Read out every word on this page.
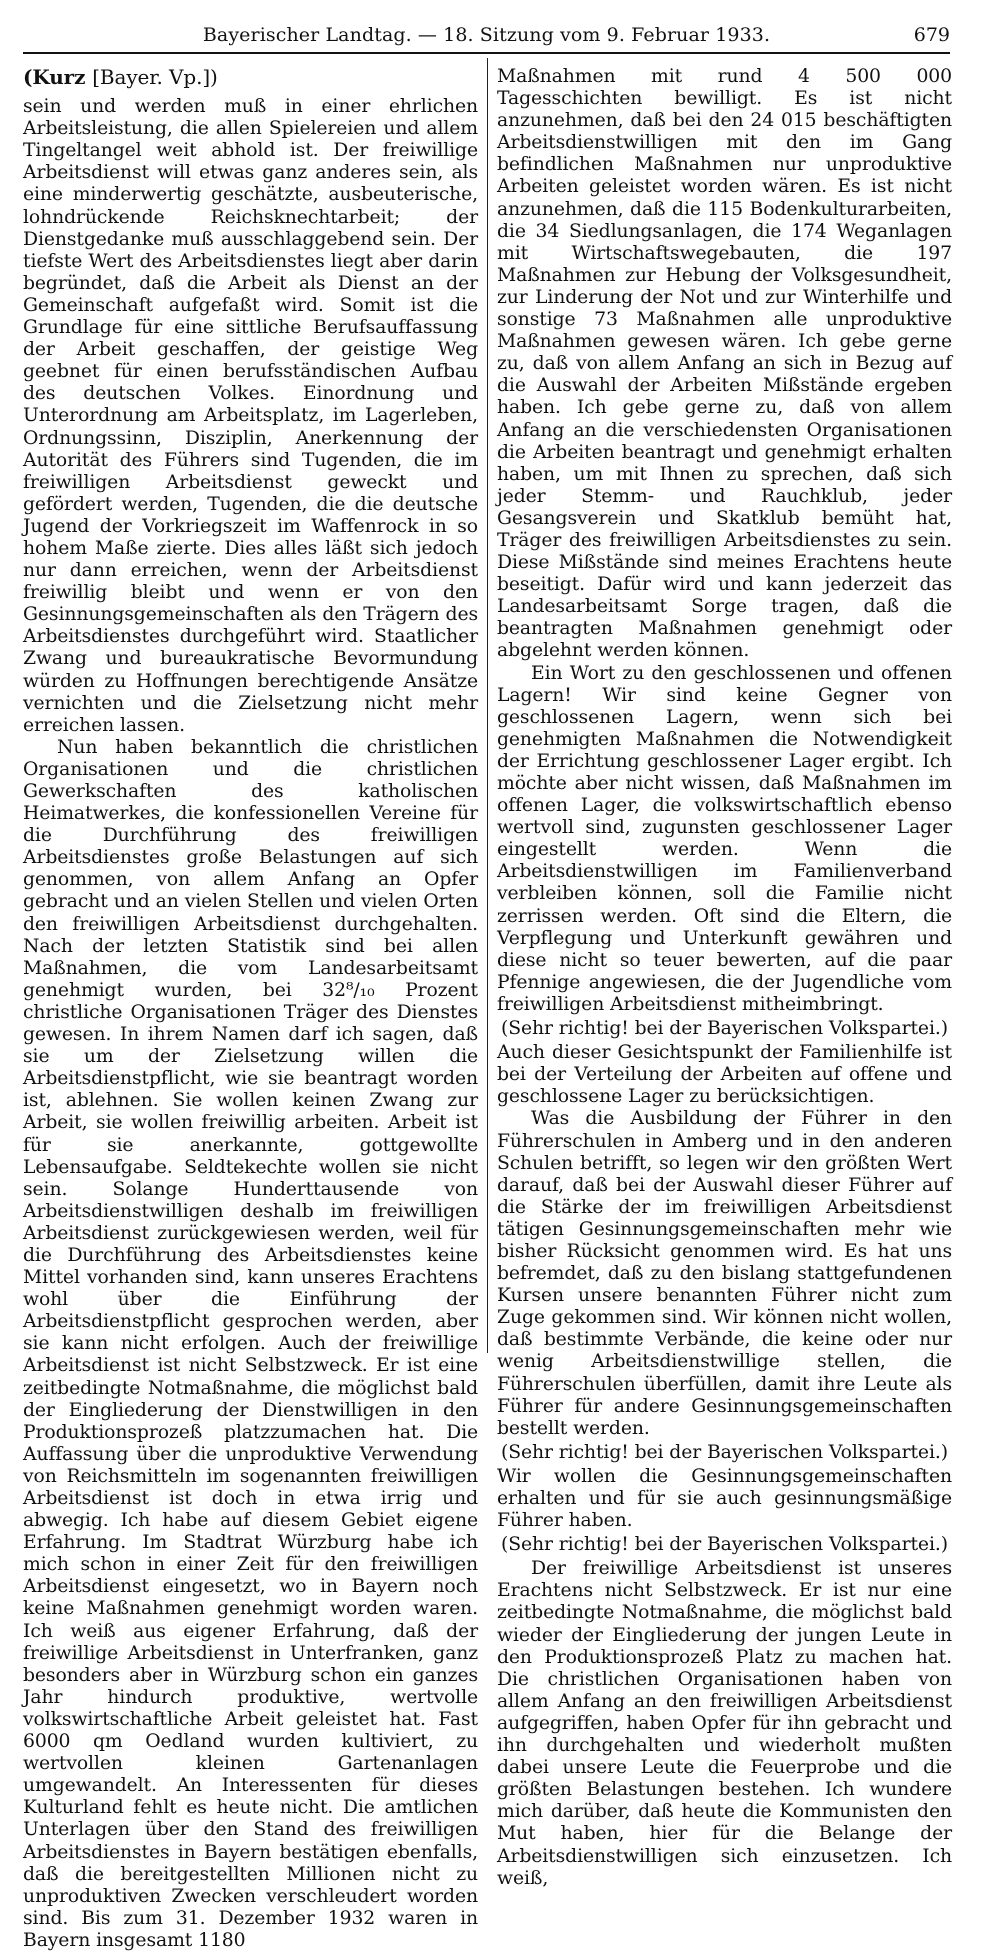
Bayerischer Landtag. — 18. Sitzung vom 9. Februar 1933.	679

(Kurz [Bayer. Vp.])

sein und werden muß in einer ehrlichen Arbeitsleistung, die allen Spielereien und allem Tingeltangel weit abhold ist. Der freiwillige Arbeitsdienst will etwas ganz anderes sein, als eine minderwertig geschätzte, ausbeuterische, lohndrückende Reichsknechtarbeit; der Dienstgedanke muß ausschlaggebend sein. Der tiefste Wert des Arbeitsdienstes liegt aber darin begründet, daß die Arbeit als Dienst an der Gemeinschaft aufgefaßt wird. Somit ist die Grundlage für eine sittliche Berufsauffassung der Arbeit geschaffen, der geistige Weg geebnet für einen berufsständischen Aufbau des deutschen Volkes. Einordnung und Unterordnung am Arbeitsplatz, im Lagerleben, Ordnungssinn, Disziplin, Anerkennung der Autorität des Führers sind Tugenden, die im freiwilligen Arbeitsdienst geweckt und gefördert werden, Tugenden, die die deutsche Jugend der Vorkriegszeit im Waffenrock in so hohem Maße zierte. Dies alles läßt sich jedoch nur dann erreichen, wenn der Arbeitsdienst freiwillig bleibt und wenn er von den Gesinnungsgemeinschaften als den Trägern des Arbeitsdienstes durchgeführt wird. Staatlicher Zwang und bureaukratische Bevormundung würden zu Hoffnungen berechtigende Ansätze vernichten und die Zielsetzung nicht mehr erreichen lassen.

Nun haben bekanntlich die christlichen Organisationen und die christlichen Gewerkschaften des katholischen Heimatwerkes, die konfessionellen Vereine für die Durchführung des freiwilligen Arbeitsdienstes große Belastungen auf sich genommen, von allem Anfang an Opfer gebracht und an vielen Stellen und vielen Orten den freiwilligen Arbeitsdienst durchgehalten. Nach der letzten Statistik sind bei allen Maßnahmen, die vom Landesarbeitsamt genehmigt wurden, bei 32⁸/₁₀ Prozent christliche Organisationen Träger des Dienstes gewesen. In ihrem Namen darf ich sagen, daß sie um der Zielsetzung willen die Arbeitsdienstpflicht, wie sie beantragt worden ist, ablehnen. Sie wollen keinen Zwang zur Arbeit, sie wollen freiwillig arbeiten. Arbeit ist für sie anerkannte, gottgewollte Lebensaufgabe. Seldtekechte wollen sie nicht sein. Solange Hunderttausende von Arbeitsdienstwilligen deshalb im freiwilligen Arbeitsdienst zurückgewiesen werden, weil für die Durchführung des Arbeitsdienstes keine Mittel vorhanden sind, kann unseres Erachtens wohl über die Einführung der Arbeitsdienstpflicht gesprochen werden, aber sie kann nicht erfolgen. Auch der freiwillige Arbeitsdienst ist nicht Selbstzweck. Er ist eine zeitbedingte Notmaßnahme, die möglichst bald der Eingliederung der Dienstwilligen in den Produktionsprozeß platzzumachen hat. Die Auffassung über die unproduktive Verwendung von Reichsmitteln im sogenannten freiwilligen Arbeitsdienst ist doch in etwa irrig und abwegig. Ich habe auf diesem Gebiet eigene Erfahrung. Im Stadtrat Würzburg habe ich mich schon in einer Zeit für den freiwilligen Arbeitsdienst eingesetzt, wo in Bayern noch keine Maßnahmen genehmigt worden waren. Ich weiß aus eigener Erfahrung, daß der freiwillige Arbeitsdienst in Unterfranken, ganz besonders aber in Würzburg schon ein ganzes Jahr hindurch produktive, wertvolle volkswirtschaftliche Arbeit geleistet hat. Fast 6000 qm Oedland wurden kultiviert, zu wertvollen kleinen Gartenanlagen umgewandelt. An Interessenten für dieses Kulturland fehlt es heute nicht. Die amtlichen Unterlagen über den Stand des freiwilligen Arbeitsdienstes in Bayern bestätigen ebenfalls, daß die bereitgestellten Millionen nicht zu unproduktiven Zwecken verschleudert worden sind. Bis zum 31. Dezember 1932 waren in Bayern insgesamt 1180

Maßnahmen mit rund 4 500 000 Tagesschichten bewilligt. Es ist nicht anzunehmen, daß bei den 24 015 beschäftigten Arbeitsdienstwilligen mit den im Gang befindlichen Maßnahmen nur unproduktive Arbeiten geleistet worden wären. Es ist nicht anzunehmen, daß die 115 Bodenkulturarbeiten, die 34 Siedlungsanlagen, die 174 Weganlagen mit Wirtschaftswegebauten, die 197 Maßnahmen zur Hebung der Volksgesundheit, zur Linderung der Not und zur Winterhilfe und sonstige 73 Maßnahmen alle unproduktive Maßnahmen gewesen wären. Ich gebe gerne zu, daß von allem Anfang an sich in Bezug auf die Auswahl der Arbeiten Mißstände ergeben haben. Ich gebe gerne zu, daß von allem Anfang an die verschiedensten Organisationen die Arbeiten beantragt und genehmigt erhalten haben, um mit Ihnen zu sprechen, daß sich jeder Stemm- und Rauchklub, jeder Gesangsverein und Skatklub bemüht hat, Träger des freiwilligen Arbeitsdienstes zu sein. Diese Mißstände sind meines Erachtens heute beseitigt. Dafür wird und kann jederzeit das Landesarbeitsamt Sorge tragen, daß die beantragten Maßnahmen genehmigt oder abgelehnt werden können.

Ein Wort zu den geschlossenen und offenen Lagern! Wir sind keine Gegner von geschlossenen Lagern, wenn sich bei genehmigten Maßnahmen die Notwendigkeit der Errichtung geschlossener Lager ergibt. Ich möchte aber nicht wissen, daß Maßnahmen im offenen Lager, die volkswirtschaftlich ebenso wertvoll sind, zugunsten geschlossener Lager eingestellt werden. Wenn die Arbeitsdienstwilligen im Familienverband verbleiben können, soll die Familie nicht zerrissen werden. Oft sind die Eltern, die Verpflegung und Unterkunft gewähren und diese nicht so teuer bewerten, auf die paar Pfennige angewiesen, die der Jugendliche vom freiwilligen Arbeitsdienst mitheimbringt.

(Sehr richtig! bei der Bayerischen Volkspartei.)

Auch dieser Gesichtspunkt der Familienhilfe ist bei der Verteilung der Arbeiten auf offene und geschlossene Lager zu berücksichtigen.

Was die Ausbildung der Führer in den Führerschulen in Amberg und in den anderen Schulen betrifft, so legen wir den größten Wert darauf, daß bei der Auswahl dieser Führer auf die Stärke der im freiwilligen Arbeitsdienst tätigen Gesinnungsgemeinschaften mehr wie bisher Rücksicht genommen wird. Es hat uns befremdet, daß zu den bislang stattgefundenen Kursen unsere benannten Führer nicht zum Zuge gekommen sind. Wir können nicht wollen, daß bestimmte Verbände, die keine oder nur wenig Arbeitsdienstwillige stellen, die Führerschulen überfüllen, damit ihre Leute als Führer für andere Gesinnungsgemeinschaften bestellt werden.

(Sehr richtig! bei der Bayerischen Volkspartei.)

Wir wollen die Gesinnungsgemeinschaften erhalten und für sie auch gesinnungsmäßige Führer haben.

(Sehr richtig! bei der Bayerischen Volkspartei.)

Der freiwillige Arbeitsdienst ist unseres Erachtens nicht Selbstzweck. Er ist nur eine zeitbedingte Notmaßnahme, die möglichst bald wieder der Eingliederung der jungen Leute in den Produktionsprozeß Platz zu machen hat. Die christlichen Organisationen haben von allem Anfang an den freiwilligen Arbeitsdienst aufgegriffen, haben Opfer für ihn gebracht und ihn durchgehalten und wiederholt mußten dabei unsere Leute die Feuerprobe und die größten Belastungen bestehen. Ich wundere mich darüber, daß heute die Kommunisten den Mut haben, hier für die Belange der Arbeitsdienstwilligen sich einzusetzen. Ich weiß,
